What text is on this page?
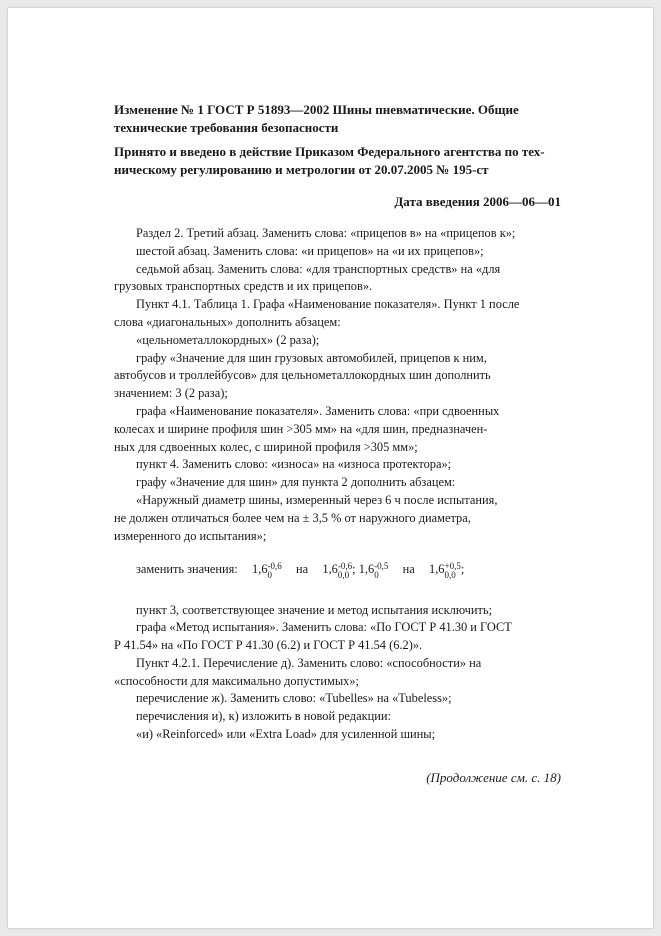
Изменение № 1 ГОСТ Р 51893—2002 Шины пневматические. Общие

технические требования безопасности

Принято и введено в действие Приказом Федерального агентства по тех-

ническому регулированию и метрологии от 20.07.2005 № 195-ст

Дата введения 2006—06—01

Раздел 2. Третий абзац. Заменить слова: «прицепов в» на «прицепов к»;

шестой абзац. Заменить слова: «и прицепов» на «и их прицепов»;

седьмой абзац. Заменить слова: «для транспортных средств» на «для

грузовых транспортных средств и их прицепов».

Пункт 4.1. Таблица 1. Графа «Наименование показателя». Пункт 1 после

слова «диагональных» дополнить абзацем:

«цельнометаллокордных» (2 раза);

графу «Значение для шин грузовых автомобилей, прицепов к ним,

автобусов и троллейбусов» для цельнометаллокордных шин дополнить

значением: 3 (2 раза);

графа «Наименование показателя». Заменить слова: «при сдвоенных

колесах и ширине профиля шин >305 мм» на «для шин, предназначен-

ных для сдвоенных колес, с шириной профиля >305 мм»;

пункт 4. Заменить слово: «износа» на «износа протектора»;

графу «Значение для шин» для пункта 2 дополнить абзацем:

«Наружный диаметр шины, измеренный через 6 ч после испытания,

не должен отличаться более чем на ± 3,5 % от наружного диаметра,

измеренного до испытания»;

заменить значения: 1,6 -0,6
0	на 1,6 -0,6
0,0 ; 1,6 -0,5
0	на 1,6 +0,5
0,0 ;

пункт 3, соответствующее значение и метод испытания исключить;

графа «Метод испытания». Заменить слова: «По ГОСТ Р 41.30 и ГОСТ

Р 41.54» на «По ГОСТ Р 41.30 (6.2) и ГОСТ Р 41.54 (6.2)».

Пункт 4.2.1. Перечисление д). Заменить слово: «способности» на

«способности для максимально допустимых»;

перечисление ж). Заменить слово: «Tubelles» на «Tubeless»;

перечисления и), к) изложить в новой редакции:

«и) «Reinforced» или «Extra Load» для усиленной шины;

(Продолжение см. с. 18)
